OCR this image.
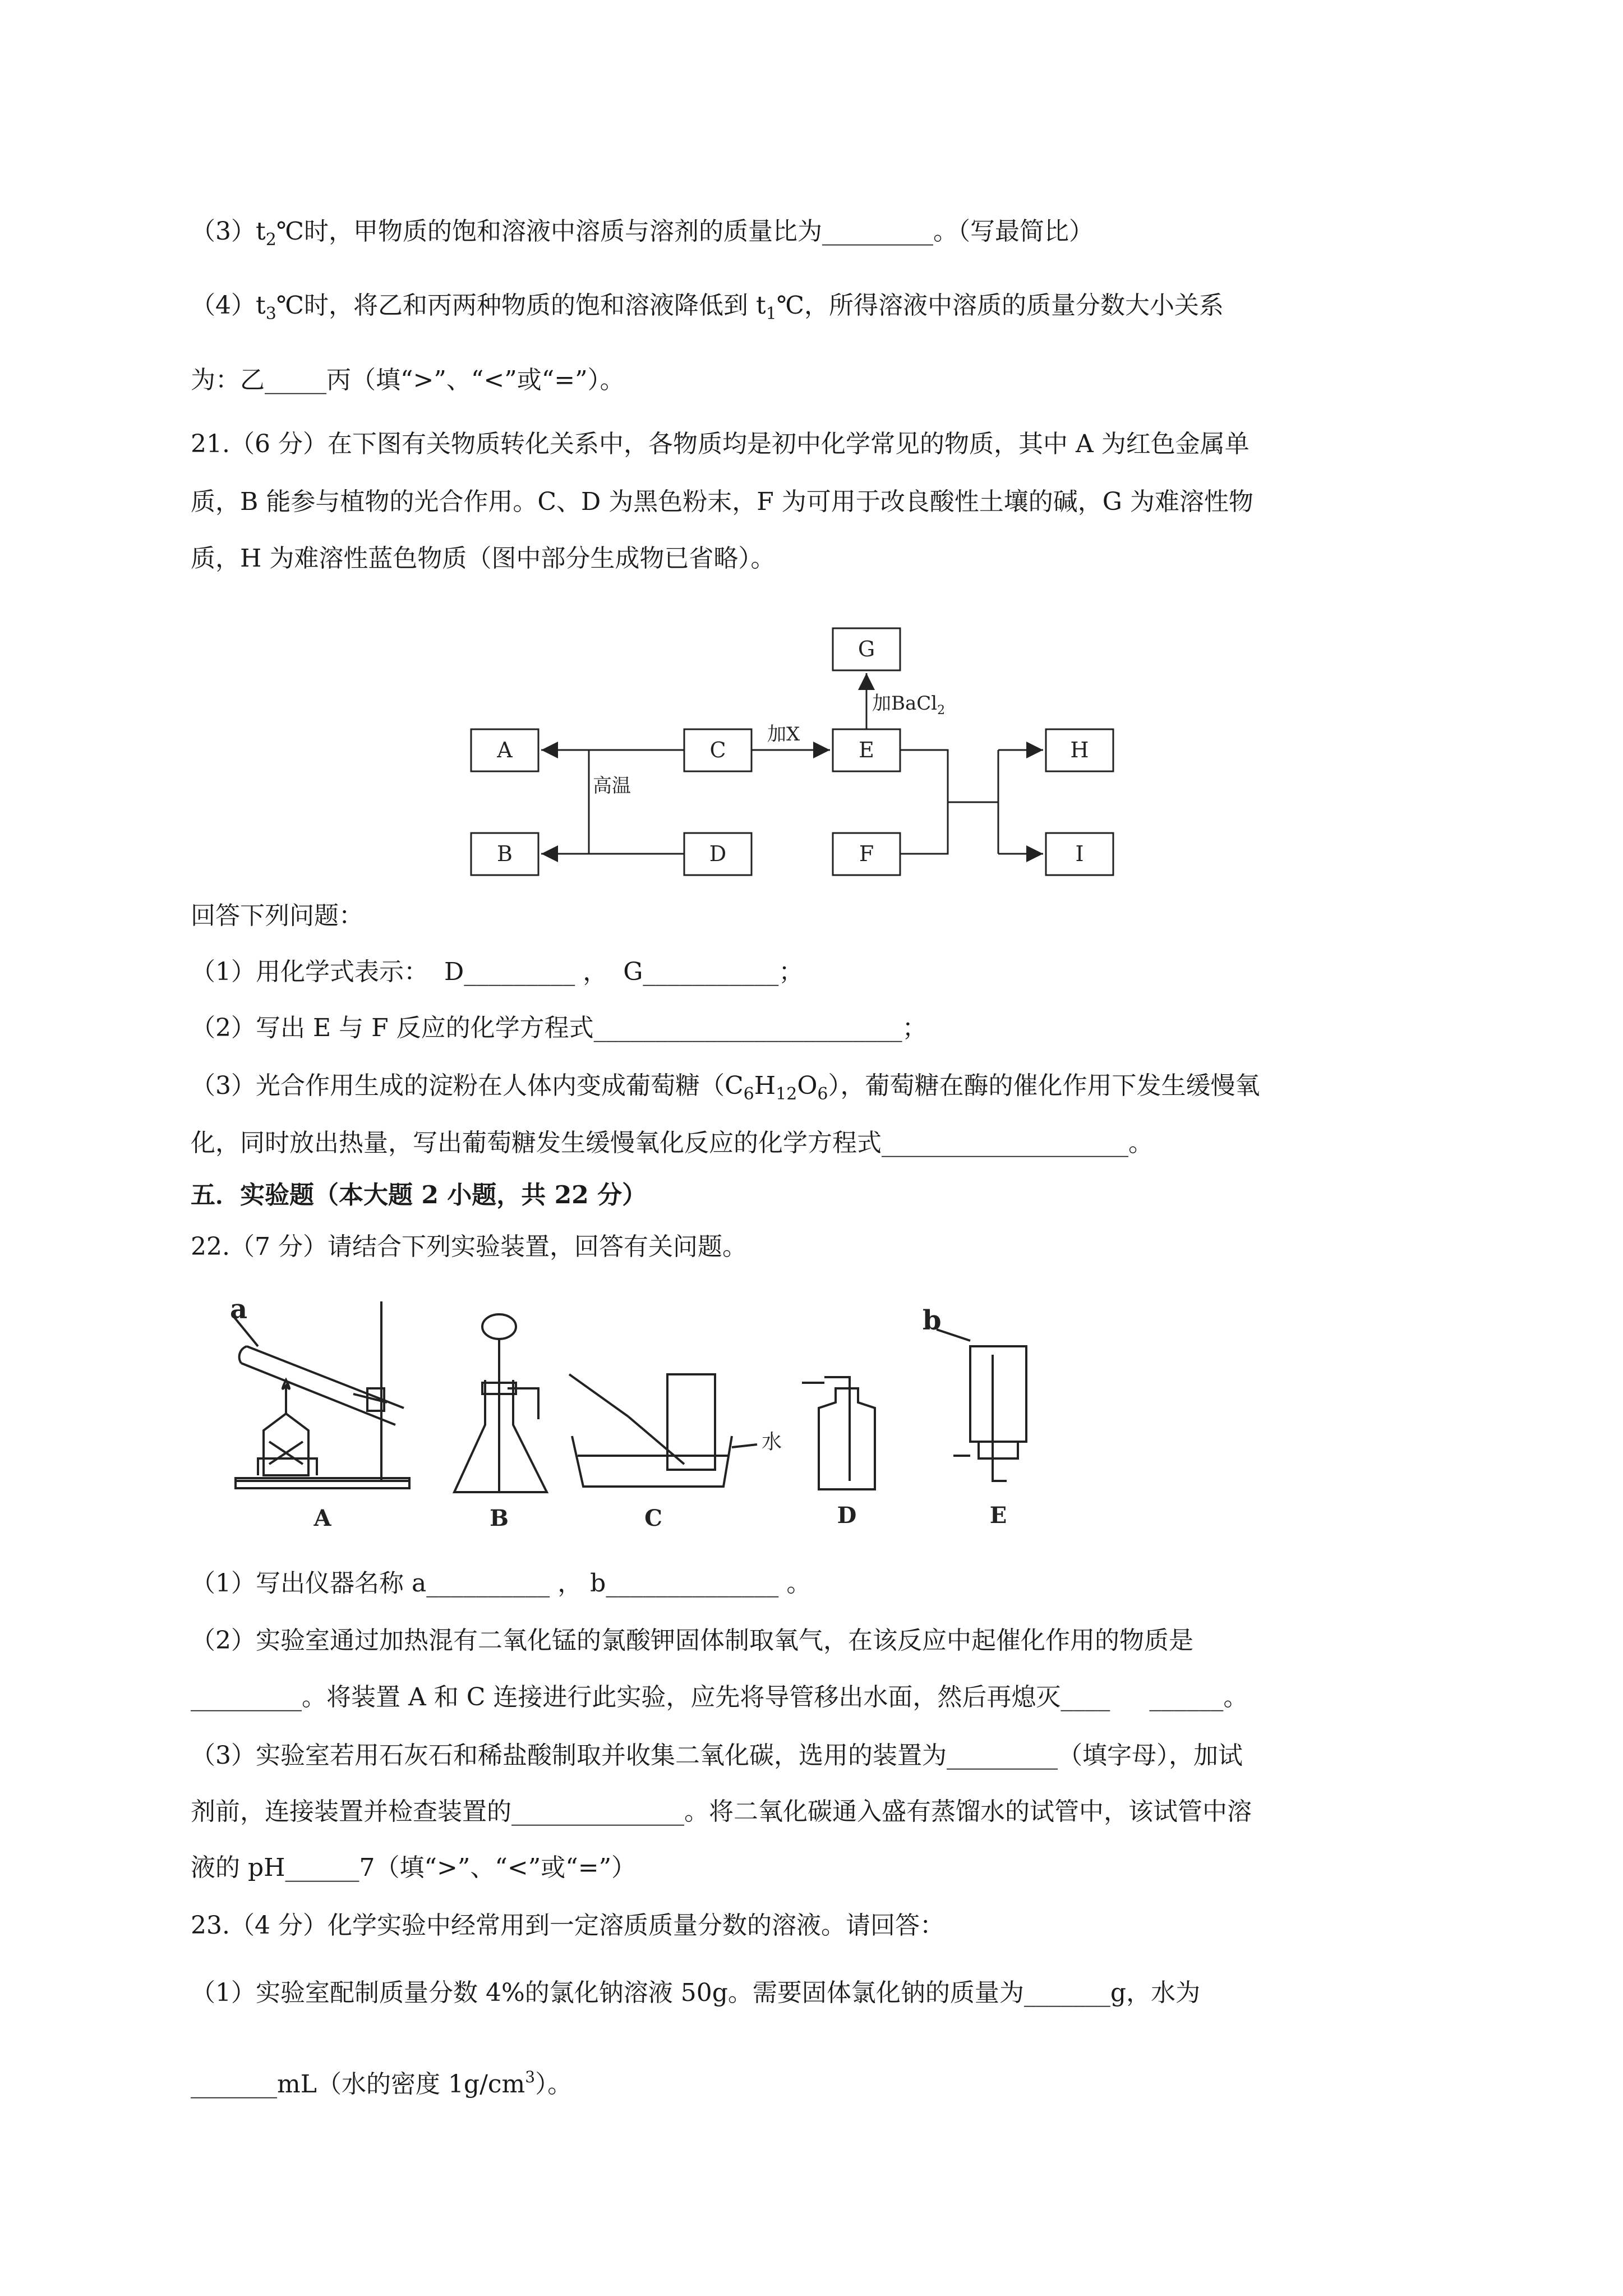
$(3)t_2℃$时，甲物质的饱和溶液中溶质与溶剂的质量比为_________。（写最简比）
$(4)t_3℃$时，将乙和丙两种物质的饱和溶液降低到 $t_1℃$，所得溶液中溶质的质量分数大小关系
为：乙_____丙（填“>”、“<”或“=”）。
21.（6 分）在下图有关物质转化关系中，各物质均是初中化学常见的物质，其中 A 为红色金属单
质，B 能参与植物的光合作用。C、D 为黑色粉末，F 为可用于改良酸性土壤的碱，G 为难溶性物
质，H 为难溶性蓝色物质（图中部分生成物已省略）。
G
A
B
C
D
E
F
H
I
高温
加X
加BaCl$_2$
回答下列问题：
（1）用化学式表示：  D_________ ，  G___________；
（2）写出 E 与 F 反应的化学方程式_________________________；
（3）光合作用生成的淀粉在人体内变成葡萄糖$(C_6H_{12}O_6)$，葡萄糖在酶的催化作用下发生缓慢氧
化，同时放出热量，写出葡萄糖发生缓慢氧化反应的化学方程式____________________。
五．实验题（本大题 2 小题，共 22 分）
22.（7 分）请结合下列实验装置，回答有关问题。
a	b
水
A	B	C	D	E
（1）写出仪器名称 a__________ ， b______________ 。
（2）实验室通过加热混有二氧化锰的氯酸钾固体制取氧气，在该反应中起催化作用的物质是
_________。将装置 A 和 C 连接进行此实验，应先将导管移出水面，然后再熄灭____     ______。
（3）实验室若用石灰石和稀盐酸制取并收集二氧化碳，选用的装置为_________（填字母），加试
剂前，连接装置并检查装置的______________。将二氧化碳通入盛有蒸馏水的试管中，该试管中溶
液的 pH______7（填“>”、“<”或“=”）
23.（4 分）化学实验中经常用到一定溶质质量分数的溶液。请回答：
（1）实验室配制质量分数 4%的氯化钠溶液 50g。需要固体氯化钠的质量为_______g，水为
_______mL（水的密度 $1g/cm^3$）。
